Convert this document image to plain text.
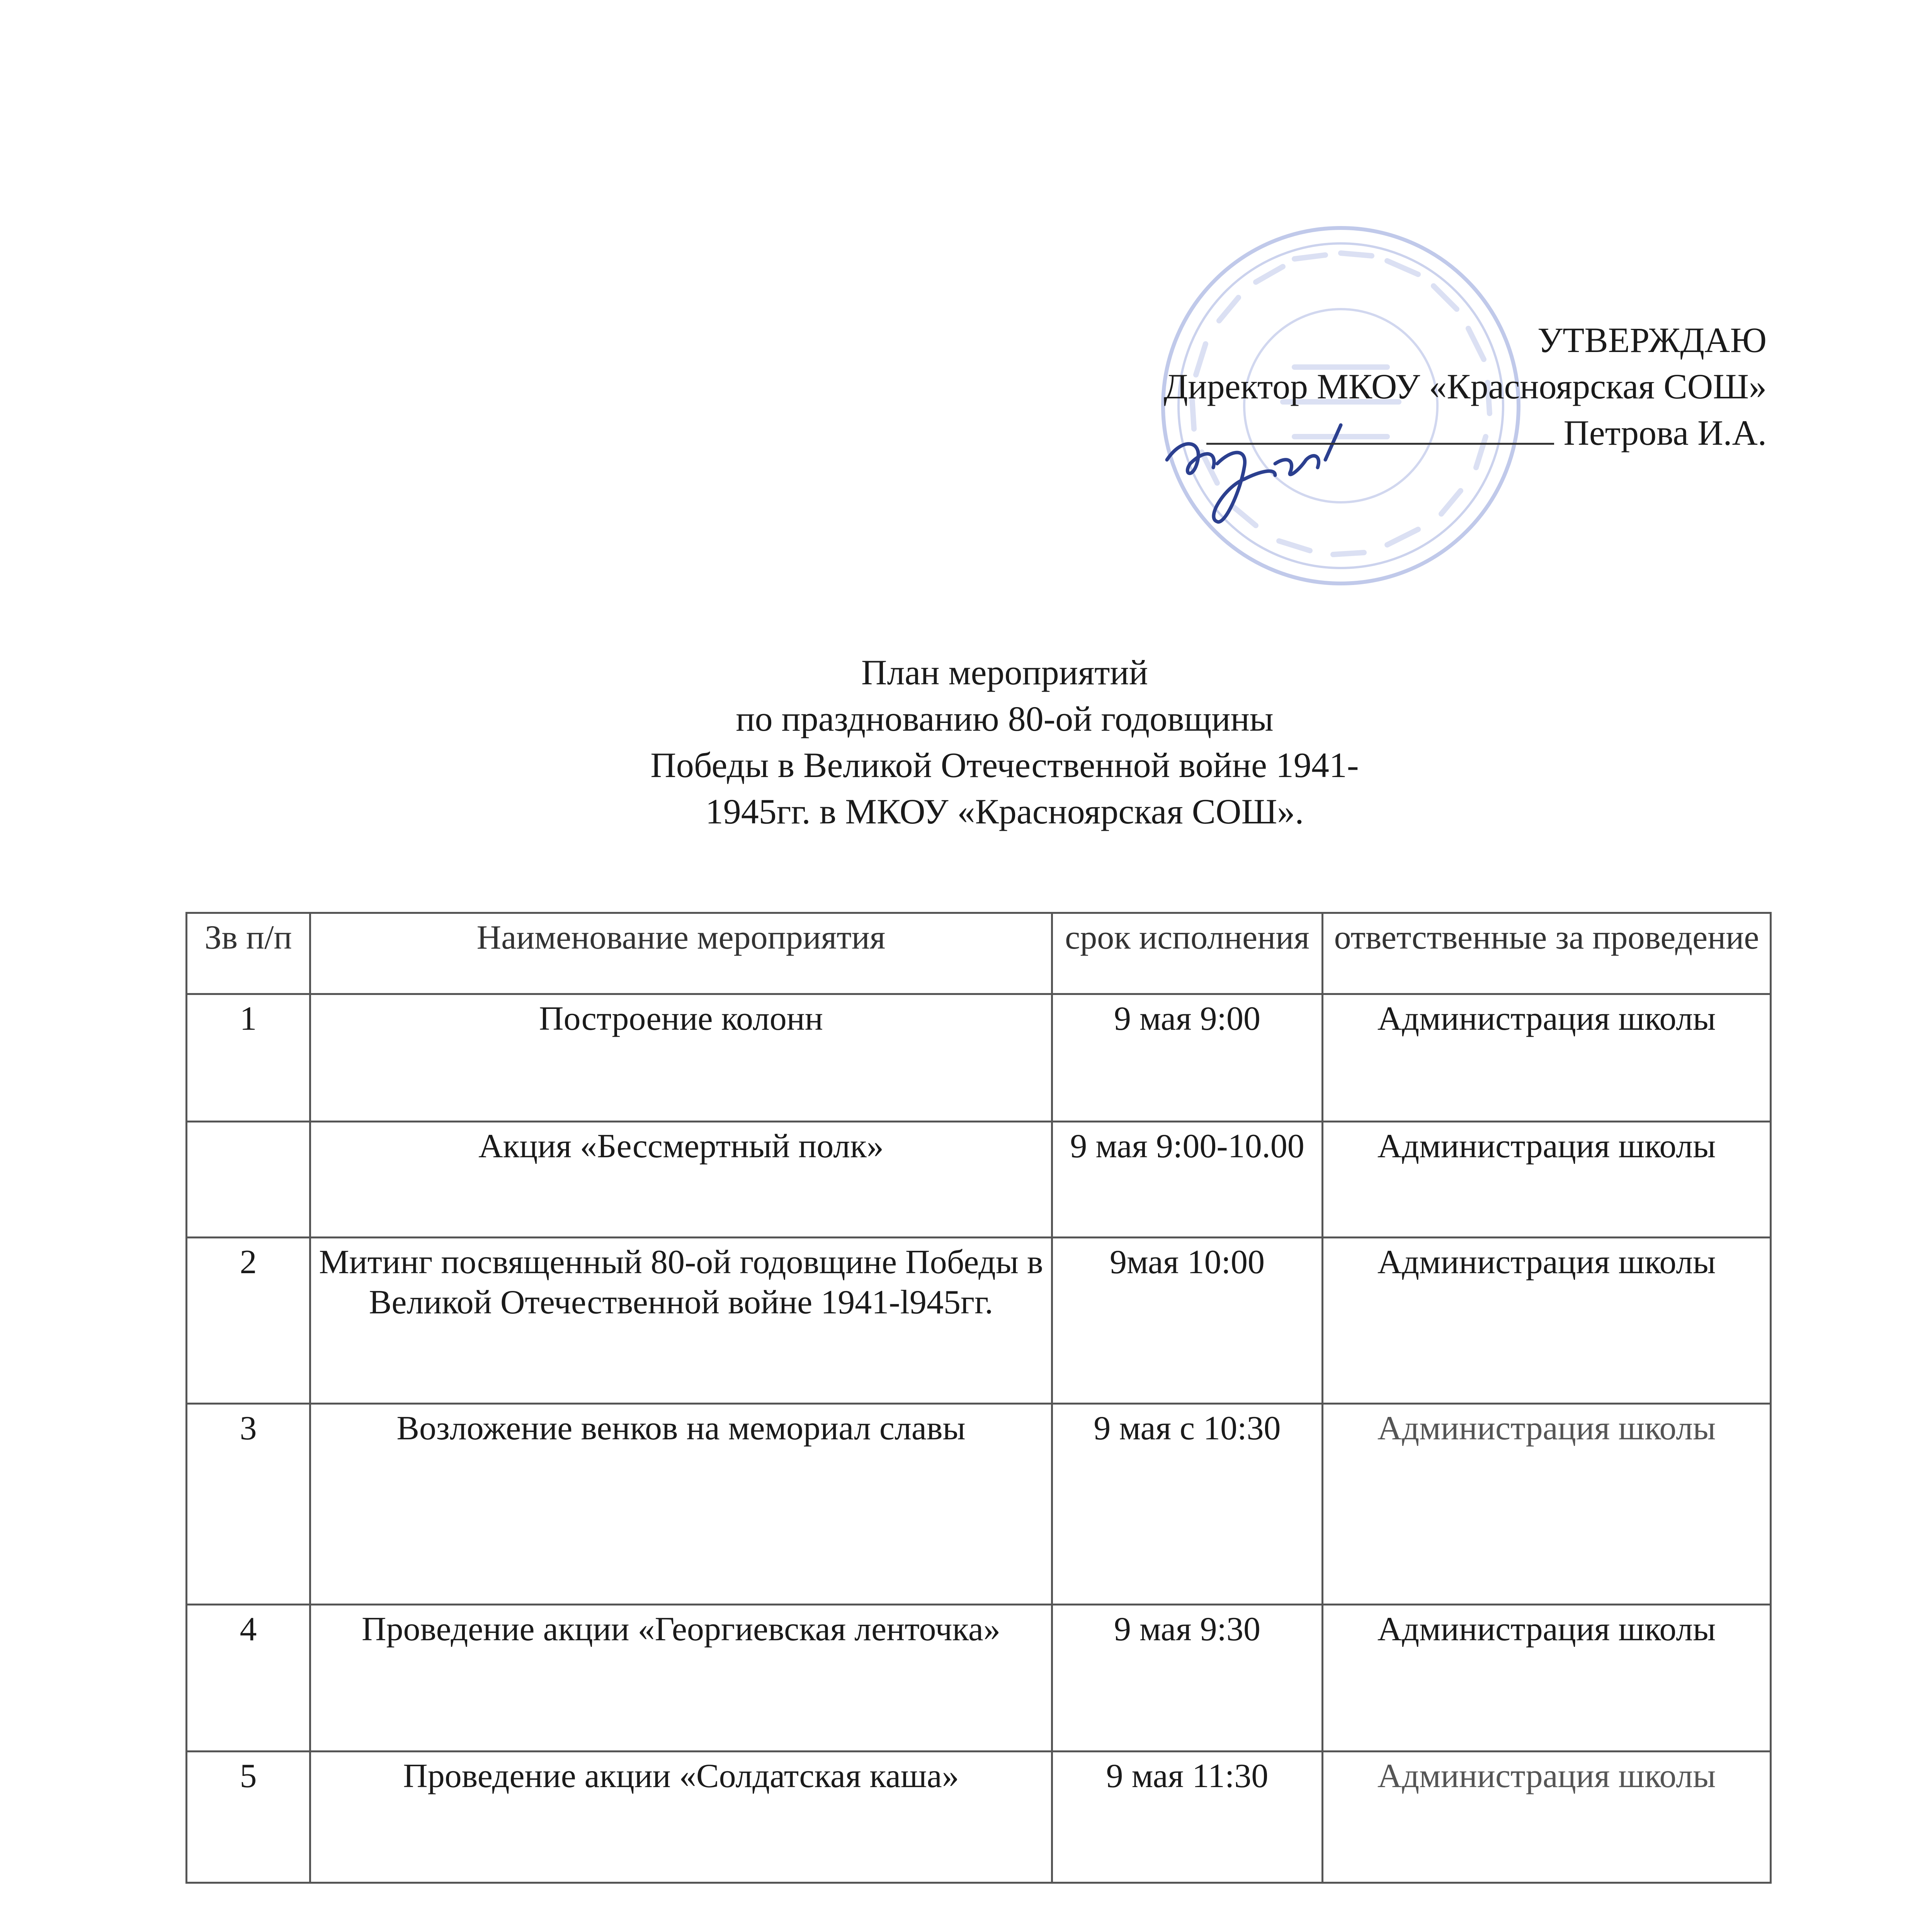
УТВЕРЖДАЮ
Директор МКОУ «Красноярская СОШ»
Петрова И.А.
План мероприятий
по празднованию 80-ой годовщины
Победы в Великой Отечественной войне 1941-
1945гг. в МКОУ «Красноярская СОШ».
Зв п/п	Наименование мероприятия	срок исполнения	ответственные за проведение
1	Построение колонн	9 мая 9:00	Администрация школы
	Акция «Бессмертный полк»	9 мая 9:00-10.00	Администрация школы
2	Митинг посвященный 80-ой годовщине Победы в Великой Отечественной войне 1941-l945гг.	9мая 10:00	Администрация школы
3	Возложение венков на мемориал славы	9 мая с 10:30	Администрация школы
4	Проведение акции «Георгиевская ленточка»	9 мая 9:30	Администрация школы
5	Проведение акции «Солдатская каша»	9 мая 11:30	Администрация школы
